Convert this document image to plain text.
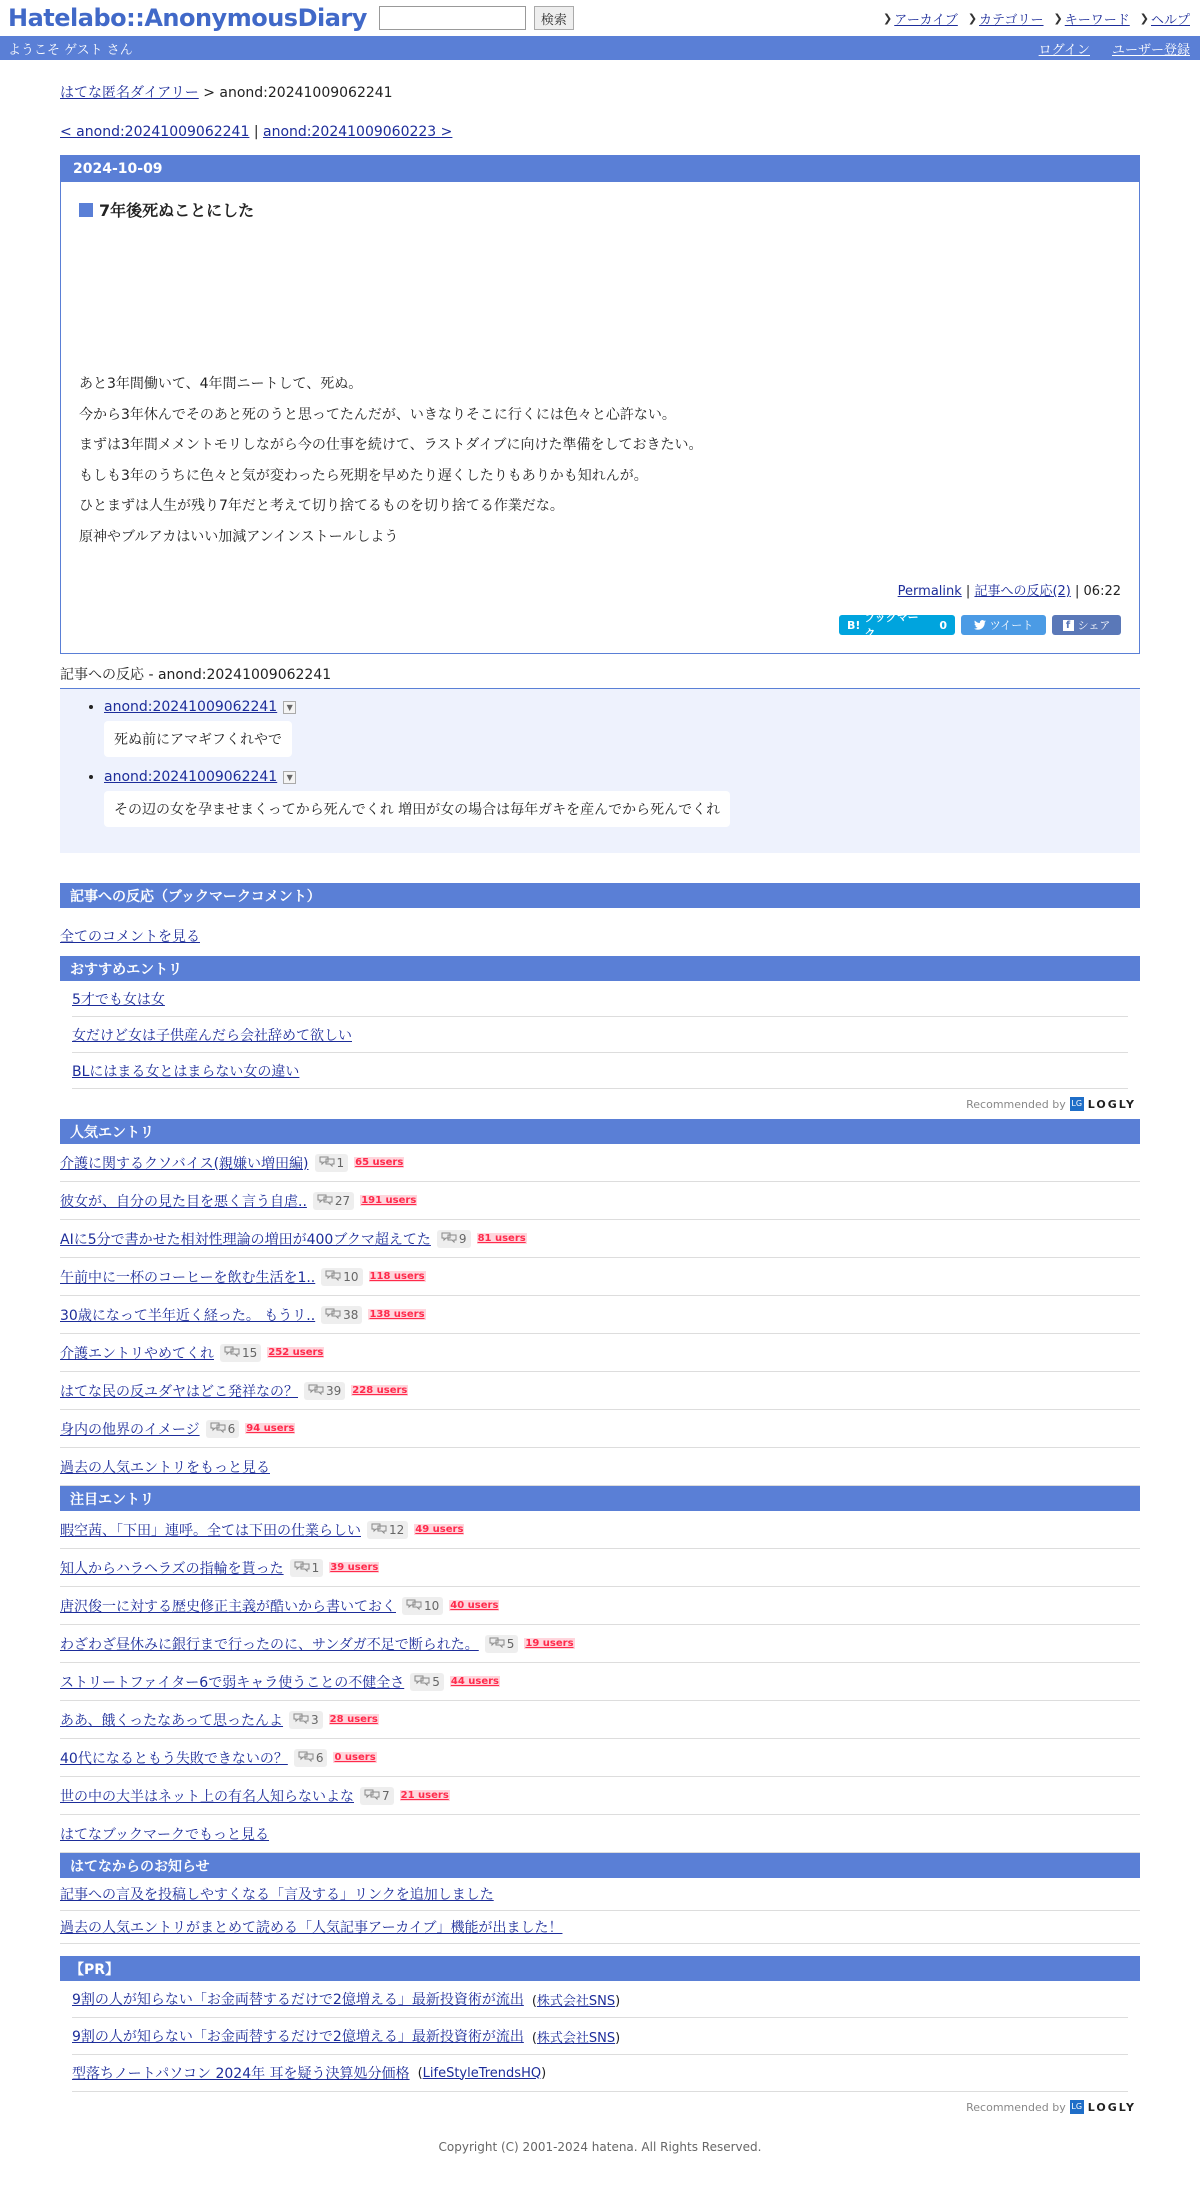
Hatelabo::AnonymousDiary	検索	❯ アーカイブ ❯ カテゴリー ❯ キーワード ❯ ヘルプ
ようこそ ゲスト さん	ログイン ユーザー登録
はてな匿名ダイアリー > anond:20241009062241
< anond:20241009062241 | anond:20241009060223 >
2024-10-09
7年後死ぬことにした

あと3年間働いて、4年間ニートして、死ぬ。

今から3年休んでそのあと死のうと思ってたんだが、いきなりそこに行くには色々と心許ない。

まずは3年間メメントモリしながら今の仕事を続けて、ラストダイブに向けた準備をしておきたい。

もしも3年のうちに色々と気が変わったら死期を早めたり遅くしたりもありかも知れんが。

ひとまずは人生が残り7年だと考えて切り捨てるものを切り捨てる作業だな。

原神やブルアカはいい加減アンインストールしよう

Permalink | 記事への反応(2) | 06:22
B!
ブックマーク
0	ツイート	f シェア
記事への反応 - anond:20241009062241
• anond:20241009062241	▼
死ぬ前にアマギフくれやで
• anond:20241009062241	▼
その辺の女を孕ませまくってから死んでくれ 増田が女の場合は毎年ガキを産んでから死んでくれ
記事への反応（ブックマークコメント）
全てのコメントを見る
おすすめエントリ
5才でも女は女
女だけど女は子供産んだら会社辞めて欲しい
BLにはまる女とはまらない女の違い
Recommended by LG LOGLY
人気エントリ
介護に関するクソバイス(親嫌い増田編) 1 65 users
彼女が、自分の見た目を悪く言う自虐.. 27 191 users
AIに5分で書かせた相対性理論の増田が400ブクマ超えてた 9 81 users
午前中に一杯のコーヒーを飲む生活を1.. 10 118 users
30歳になって半年近く経った。 もうリ.. 38 138 users
介護エントリやめてくれ 15 252 users
はてな民の反ユダヤはどこ発祥なの？ 39 228 users
身内の他界のイメージ 6 94 users
過去の人気エントリをもっと見る
注目エントリ
暇空茜、「下田」連呼。全ては下田の仕業らしい 12 49 users
知人からハラヘラズの指輪を貰った 1 39 users
唐沢俊一に対する歴史修正主義が酷いから書いておく 10 40 users
わざわざ昼休みに銀行まで行ったのに、サンダガ不足で断られた。 5 19 users
ストリートファイター6で弱キャラ使うことの不健全さ 5 44 users
ああ、餓くったなあって思ったんよ 3 28 users
40代になるともう失敗できないの？ 6 0 users
世の中の大半はネット上の有名人知らないよな 7 21 users
はてなブックマークでもっと見る
はてなからのお知らせ
記事への言及を投稿しやすくなる「言及する」リンクを追加しました
過去の人気エントリがまとめて読める「人気記事アーカイブ」機能が出ました！
【PR】
9割の人が知らない「お金両替するだけで2億増える」最新投資術が流出 (株式会社SNS)
9割の人が知らない「お金両替するだけで2億増える」最新投資術が流出 (株式会社SNS)
型落ちノートパソコン 2024年 耳を疑う決算処分価格 (LifeStyleTrendsHQ)
Recommended by LG LOGLY
Copyright (C) 2001-2024 hatena. All Rights Reserved.
